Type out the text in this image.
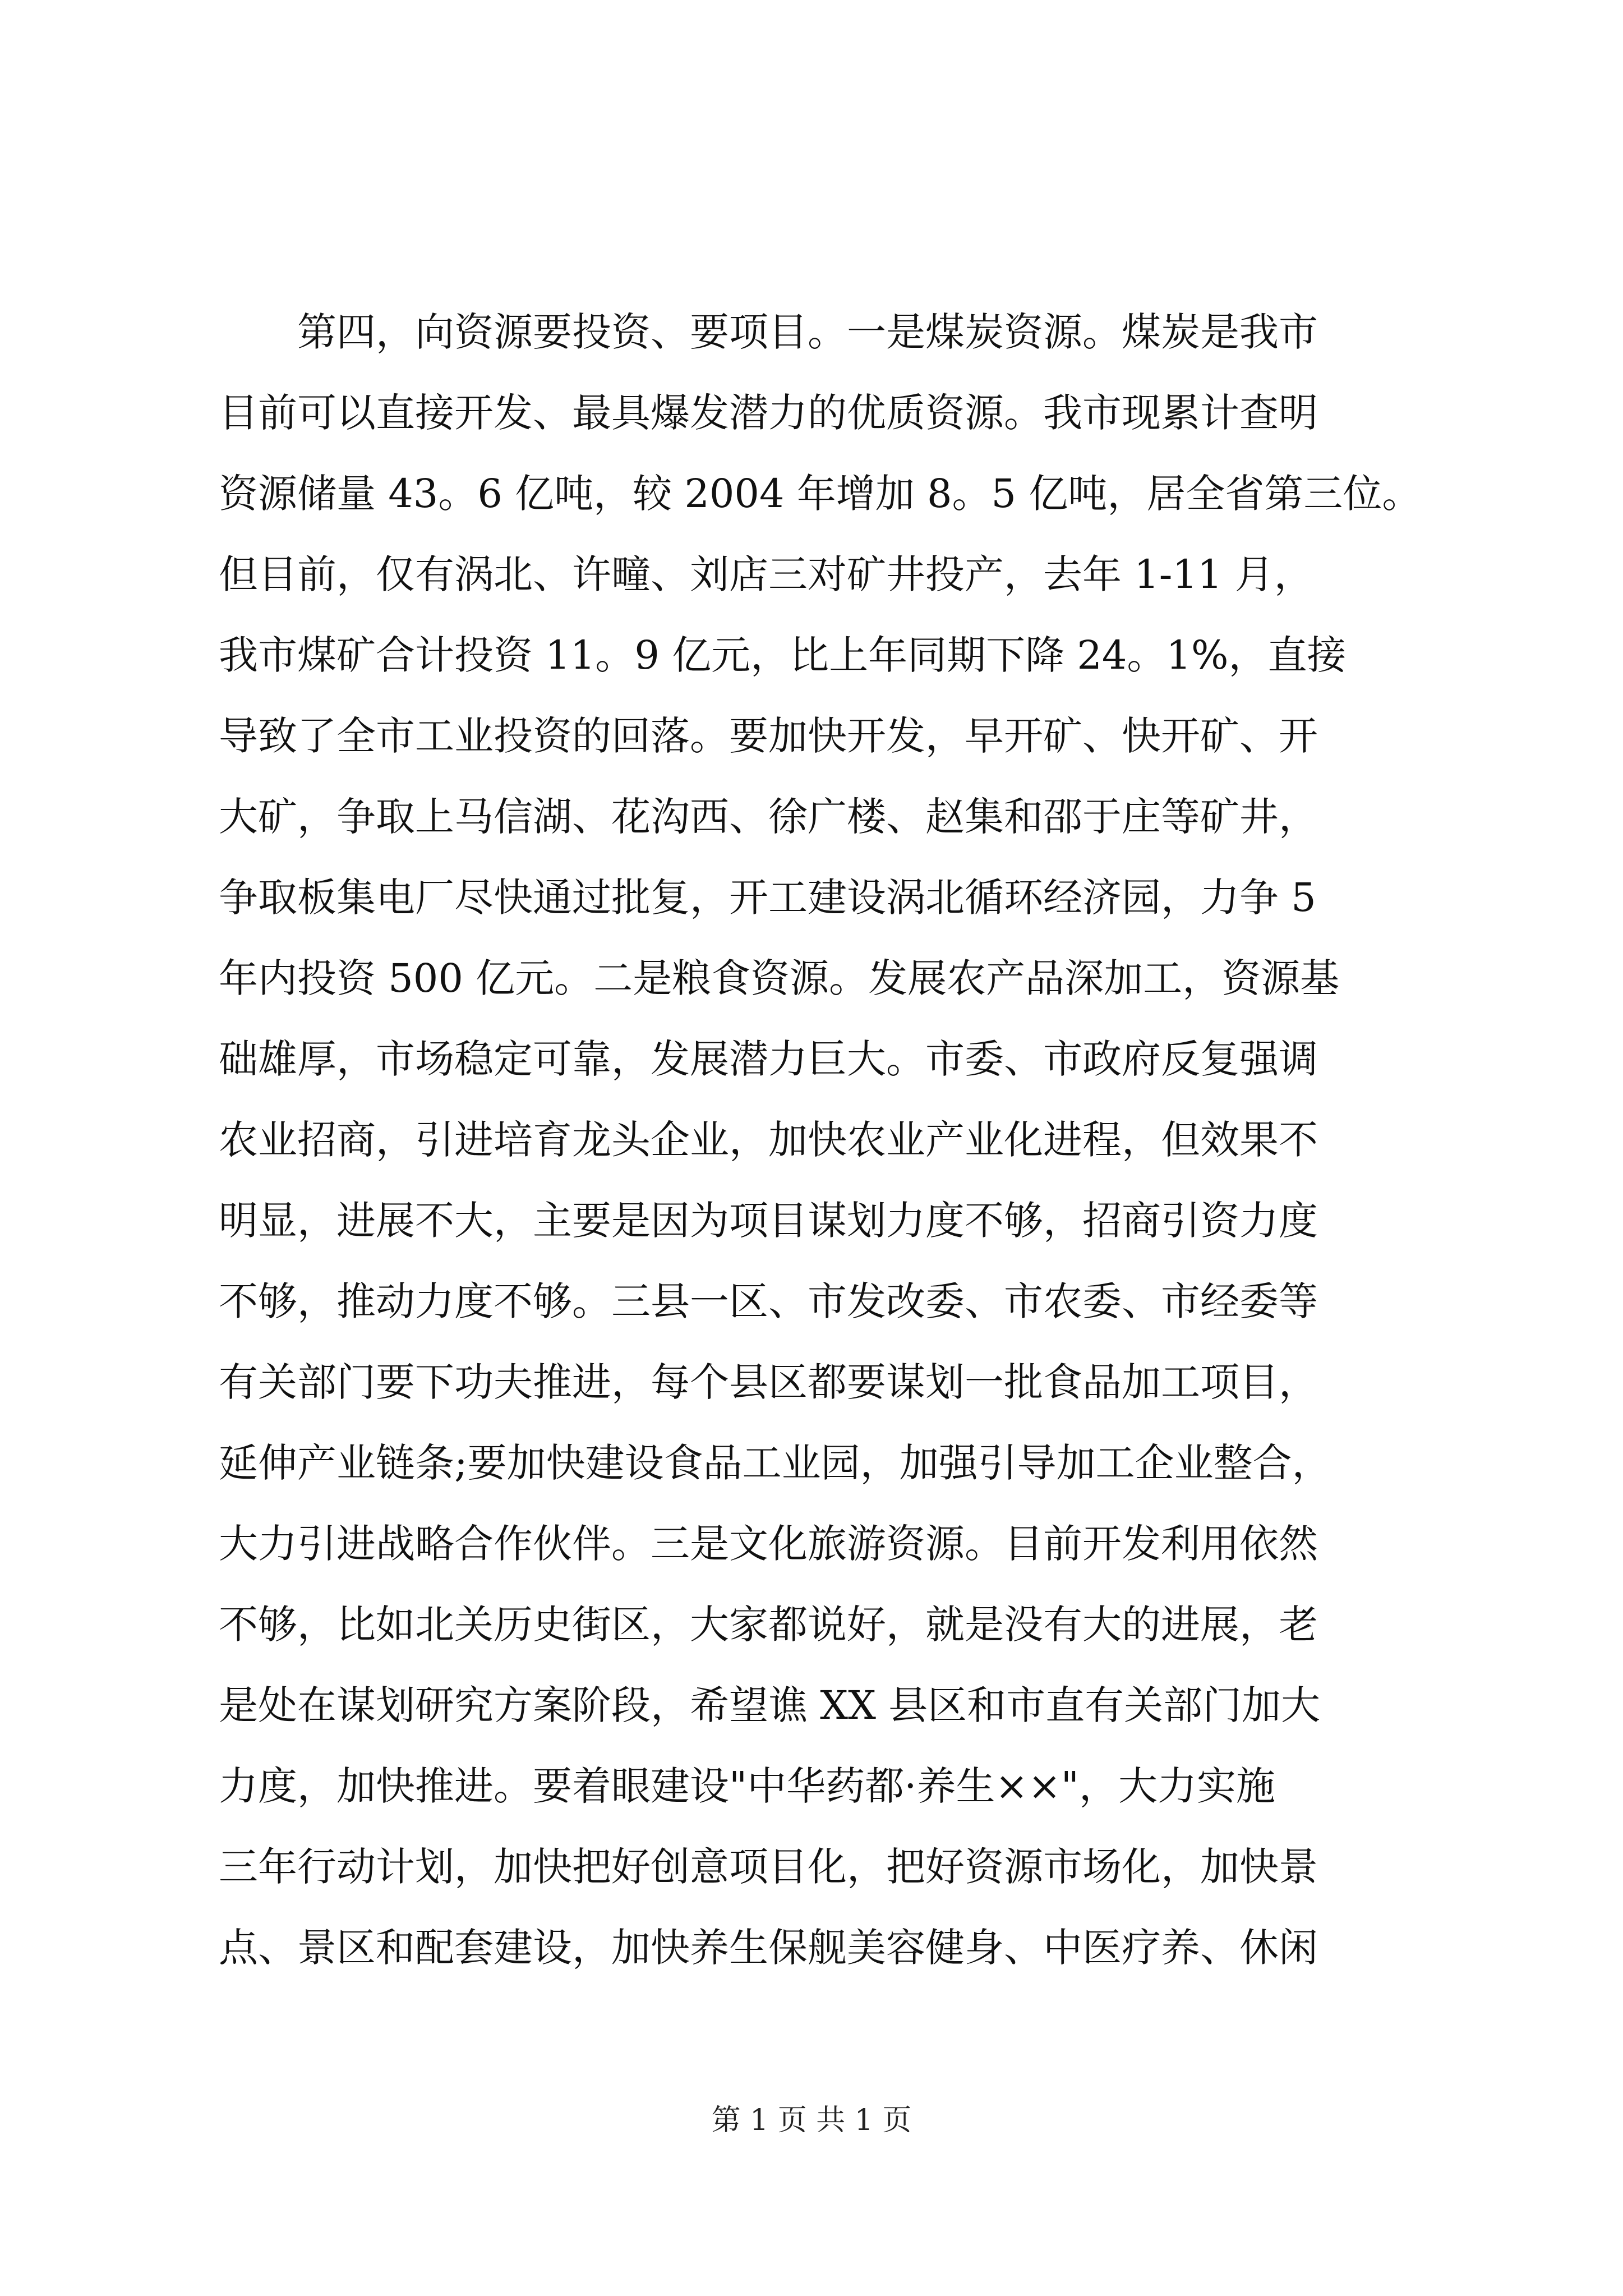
第四，向资源要投资、要项目。一是煤炭资源。煤炭是我市
目前可以直接开发、最具爆发潜力的优质资源。我市现累计查明
资源储量 43。6 亿吨，较 2004 年增加 8。5 亿吨，居全省第三位。
但目前，仅有涡北、许疃、刘店三对矿井投产，去年 1-11 月，
我市煤矿合计投资 11。9 亿元，比上年同期下降 24。1%，直接
导致了全市工业投资的回落。要加快开发，早开矿、快开矿、开
大矿，争取上马信湖、花沟西、徐广楼、赵集和邵于庄等矿井，
争取板集电厂尽快通过批复，开工建设涡北循环经济园，力争 5
年内投资 500 亿元。二是粮食资源。发展农产品深加工，资源基
础雄厚，市场稳定可靠，发展潜力巨大。市委、市政府反复强调
农业招商，引进培育龙头企业，加快农业产业化进程，但效果不
明显，进展不大，主要是因为项目谋划力度不够，招商引资力度
不够，推动力度不够。三县一区、市发改委、市农委、市经委等
有关部门要下功夫推进，每个县区都要谋划一批食品加工项目，
延伸产业链条;要加快建设食品工业园，加强引导加工企业整合，
大力引进战略合作伙伴。三是文化旅游资源。目前开发利用依然
不够，比如北关历史街区，大家都说好，就是没有大的进展，老
是处在谋划研究方案阶段，希望谯 XX 县区和市直有关部门加大
力度，加快推进。要着眼建设"中华药都·养生××"，大力实施
三年行动计划，加快把好创意项目化，把好资源市场化，加快景
点、景区和配套建设，加快养生保舰美容健身、中医疗养、休闲
第 1 页 共 1 页
